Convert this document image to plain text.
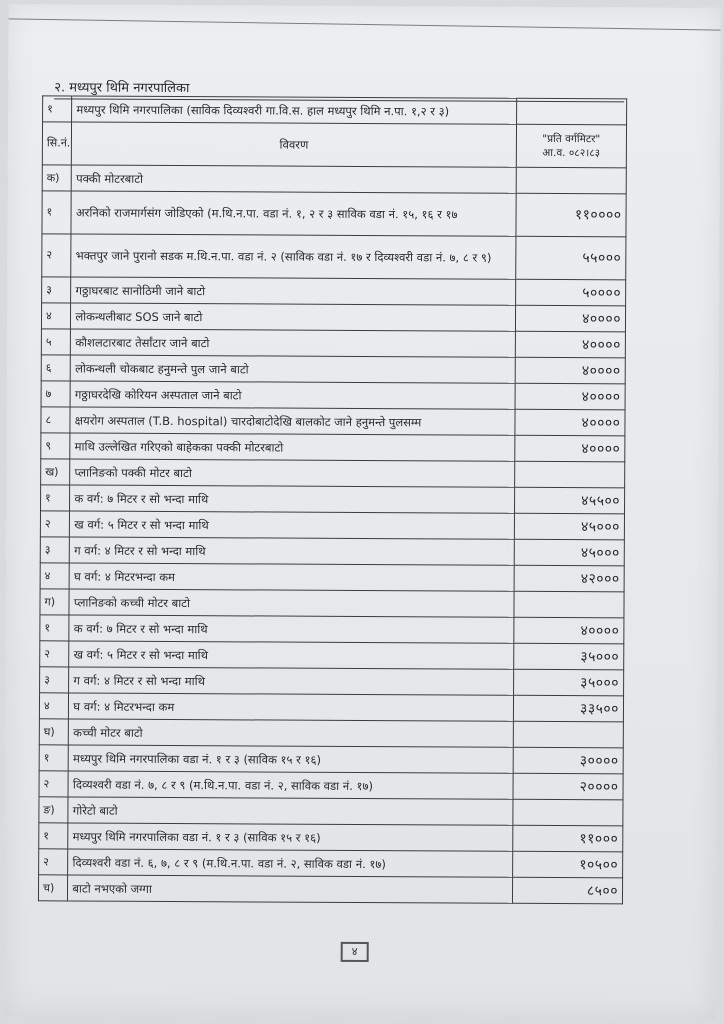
२. मध्यपुर थिमि नगरपालिका
१	मध्यपुर थिमि नगरपालिका (साविक दिव्यश्वरी गा.वि.स. हाल मध्यपुर थिमि न.पा. १,२ र ३)	
सि.नं.	विवरण	"प्रति वर्गमिटर"
आ.व. ०८२।८३

क)	पक्की मोटरबाटो	
१	अरनिको राजमार्गसंग जोडिएको (म.थि.न.पा. वडा नं. १, २ र ३ साविक वडा नं. १५, १६ र १७	११००००
२	भक्तपुर जाने पुरानो सडक म.थि.न.पा. वडा नं. २ (साविक वडा नं. १७ र दिव्यश्वरी वडा नं. ७, ८ र ९)	५५०००
३	गठ्ठाघरबाट सानोठिमी जाने बाटो	५००००
४	लोकन्थलीबाट SOS जाने बाटो	४००००
५	कौशलटारबाट तेर्सांटार जाने बाटो	४००००
६	लोकन्थली चोकबाट हनुमन्ते पुल जाने बाटो	४००००
७	गठ्ठाघरदेखि कोरियन अस्पताल जाने बाटो	४००००
८	क्षयरोग अस्पताल (T.B. hospital) चारदोबाटोदेखि बालकोट जाने हनुमन्ते पुलसम्म	४००००
९	माथि उल्लेखित गरिएको बाहेकका पक्की मोटरबाटो	४००००
ख)	प्लानिङको पक्की मोटर बाटो	
१	क वर्ग: ७ मिटर र सो भन्दा माथि	४५५००
२	ख वर्ग: ५ मिटर र सो भन्दा माथि	४५०००
३	ग वर्ग: ४ मिटर र सो भन्दा माथि	४५०००
४	घ वर्ग: ४ मिटरभन्दा कम	४२०००
ग)	प्लानिङको कच्ची मोटर बाटो	
१	क वर्ग: ७ मिटर र सो भन्दा माथि	४००००
२	ख वर्ग: ५ मिटर र सो भन्दा माथि	३५०००
३	ग वर्ग: ४ मिटर र सो भन्दा माथि	३५०००
४	घ वर्ग: ४ मिटरभन्दा कम	३३५००
घ)	कच्ची मोटर बाटो	
१	मध्यपुर थिमि नगरपालिका वडा नं. १ र ३ (साविक १५ र १६)	३००००
२	दिव्यश्वरी वडा नं. ७, ८ र ९ (म.थि.न.पा. वडा नं. २, साविक वडा नं. १७)	२००००
ङ)	गोरेटो बाटो	
१	मध्यपुर थिमि नगरपालिका वडा नं. १ र ३ (साविक १५ र १६)	११०००
२	दिव्यश्वरी वडा नं. ६, ७, ८ र ९ (म.थि.न.पा. वडा नं. २, साविक वडा नं. १७)	१०५००
च)	बाटो नभएको जग्गा	८५००
४
